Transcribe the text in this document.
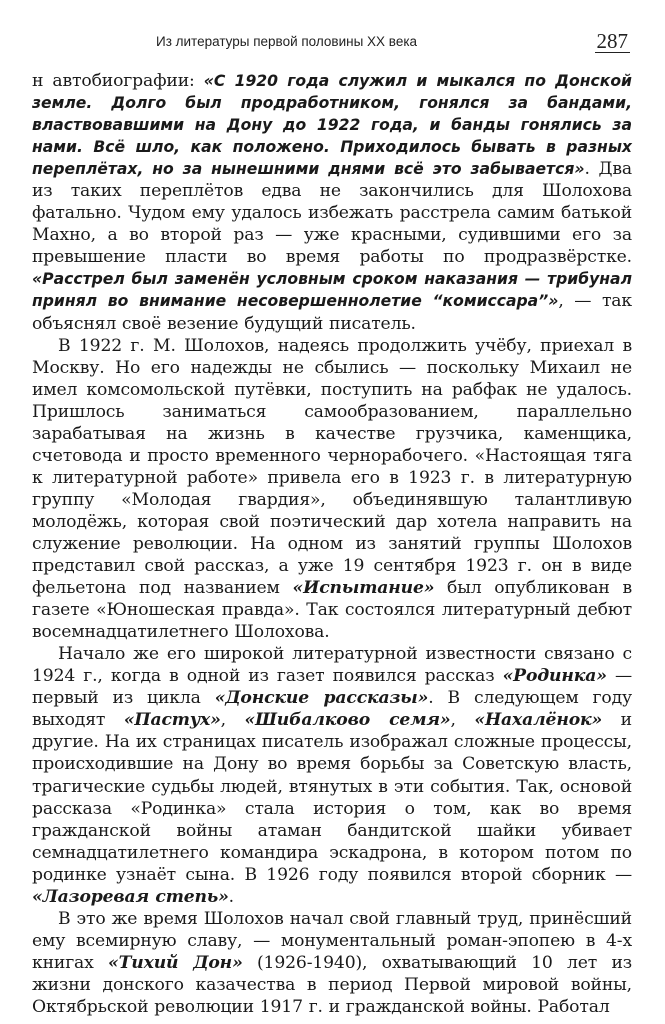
Из литературы первой половины XX века	287

н автобиографии: «С 1920 года служил и мыкался по Донской земле. Долго был продработником, гонялся за бандами, властвовавшими на Дону до 1922 года, и банды гонялись за нами. Всё шло, как положено. Приходилось бывать в разных переплётах, но за нынешними днями всё это забывается». Два из таких переплётов едва не закончились для Шолохова фатально. Чудом ему удалось избежать расстрела самим батькой Махно, а во второй раз — уже красными, судившими его за превышение пласти во время работы по продразвёрстке. «Расстрел был заменён условным сроком наказания — трибунал принял во внимание несовершеннолетие “комиссара”», — так объяснял своё везение будущий писатель.

В 1922 г. М. Шолохов, надеясь продолжить учёбу, приехал в Москву. Но его надежды не сбылись — поскольку Михаил не имел комсомольской путёвки, поступить на рабфак не удалось. Пришлось заниматься самообразованием, параллельно зарабатывая на жизнь в качестве грузчика, каменщика, счетовода и просто временного чернорабочего. «Настоящая тяга к литературной работе» привела его в 1923 г. в литературную группу «Молодая гвардия», объединявшую талантливую молодёжь, которая свой поэтический дар хотела направить на служение революции. На одном из занятий группы Шолохов представил свой рассказ, а уже 19 сентября 1923 г. он в виде фельетона под названием «Испытание» был опубликован в газете «Юношеская правда». Так состоялся литературный дебют восемнадцатилетнего Шолохова.

Начало же его широкой литературной известности связано с 1924 г., когда в одной из газет появился рассказ «Родинка» — первый из цикла «Донские рассказы». В следующем году выходят «Пастух», «Шибалково семя», «Нахалёнок» и другие. На их страницах писатель изображал сложные процессы, происходившие на Дону во время борьбы за Советскую власть, трагические судьбы людей, втянутых в эти события. Так, основой рассказа «Родинка» стала история о том, как во время гражданской войны атаман бандитской шайки убивает семнадцатилетнего командира эскадрона, в котором потом по родинке узнаёт сына. В 1926 году появился второй сборник — «Лазоревая степь».

В это же время Шолохов начал свой главный труд, принёсший ему всемирную славу, — монументальный роман-эпопею в 4-х книгах «Тихий Дон» (1926-1940), охватывающий 10 лет из жизни донского казачества в период Первой мировой войны, Октябрьской революции 1917 г. и гражданской войны. Работал
